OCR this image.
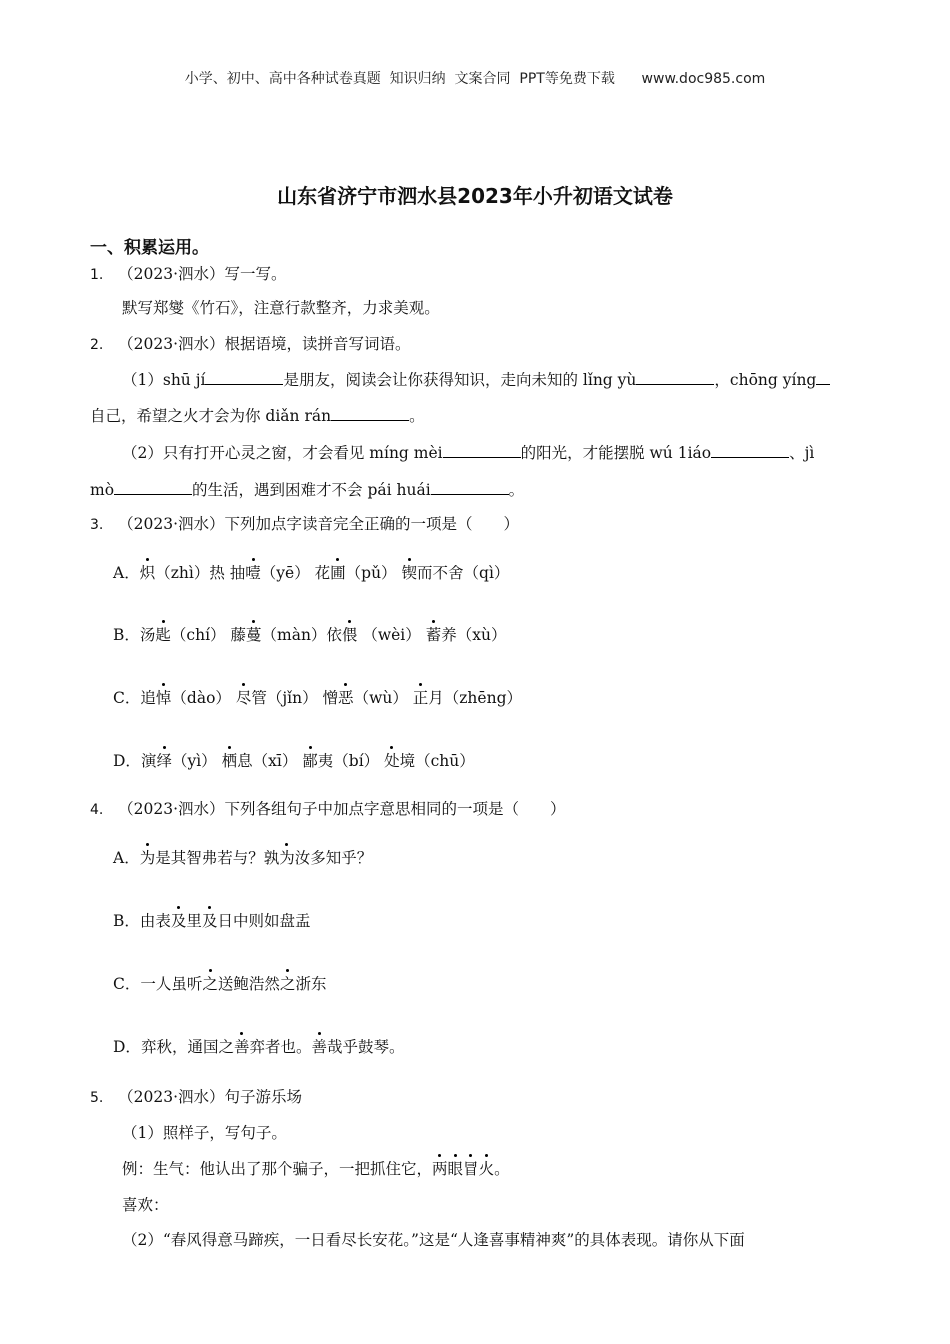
小学、初中、高中各种试卷真题  知识归纳  文案合同  PPT等免费下载      www.doc985.com
山东省济宁市泗水县2023年小升初语文试卷
一、积累运用。
1. （2023·泗水）写一写。
默写郑燮《竹石》，注意行款整齐，力求美观。
2. （2023·泗水）根据语境，读拼音写词语。
（1）shū jí	是朋友，阅读会让你获得知识，走向未知的 lǐng yù	，chōng yíng
自己，希望之火才会为你 diǎn rán	。
（2）只有打开心灵之窗，才会看见 míng mèi	的阳光，才能摆脱 wú 1iáo	、jì
mò	的生活，遇到困难才不会 pái huái	。
3. （2023·泗水）下列加点字读音完全正确的一项是（　　）
A．炽（zhì）热 抽噎（yē） 花圃（pǔ） 锲而不舍（qì）
B．汤匙（chí） 藤蔓（màn）依偎 （wèi） 蓄养（xù）
C．追悼（dào） 尽管（jǐn） 憎恶（wù） 正月（zhēng）
D．演绎（yì） 栖息（xī） 鄙夷（bí） 处境（chū）
4. （2023·泗水）下列各组句子中加点字意思相同的一项是（　　）
A．为是其智弗若与？孰为汝多知乎？
B．由表及里及日中则如盘盂
C．一人虽听之送鲍浩然之浙东
D．弈秋，通国之善弈者也。善哉乎鼓琴。
5. （2023·泗水）句子游乐场
（1）照样子，写句子。
例：生气：他认出了那个骗子，一把抓住它，两眼冒火。
喜欢：
（2）“春风得意马蹄疾，一日看尽长安花。”这是“人逢喜事精神爽”的具体表现。请你从下面
